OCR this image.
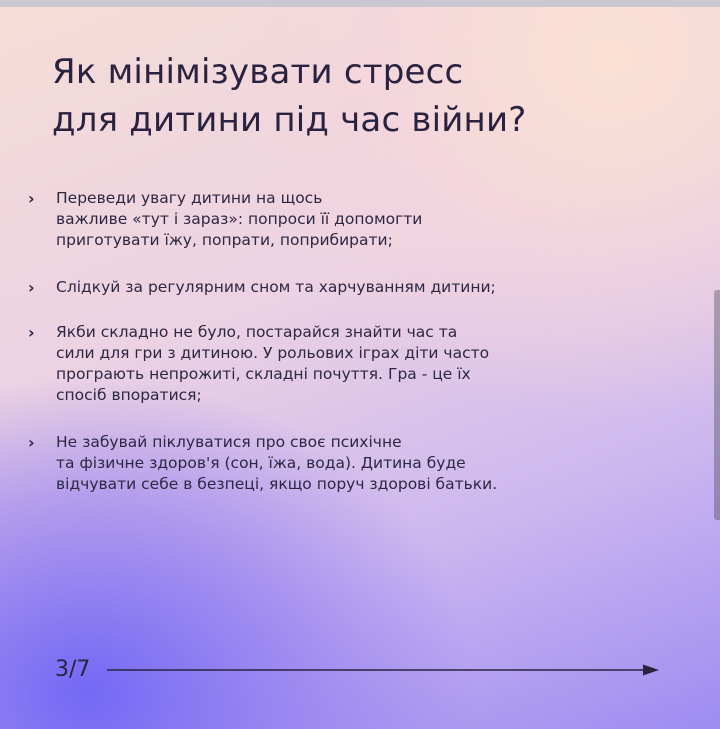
Як мінімізувати стресс
для дитини під час війни?
› Переведи увагу дитини на щось
важливе «тут і зараз»: попроси її допомогти
приготувати їжу, попрати, поприбирати;
› Слідкуй за регулярним сном та харчуванням дитини;
› Якби складно не було, постарайся знайти час та
сили для гри з дитиною. У рольових іграх діти часто
програють непрожиті, складні почуття. Гра - це їх
спосіб впоратися;
› Не забувай піклуватися про своє психічне
та фізичне здоров'я (сон, їжа, вода). Дитина буде
відчувати себе в безпеці, якщо поруч здорові батьки.
3/7
